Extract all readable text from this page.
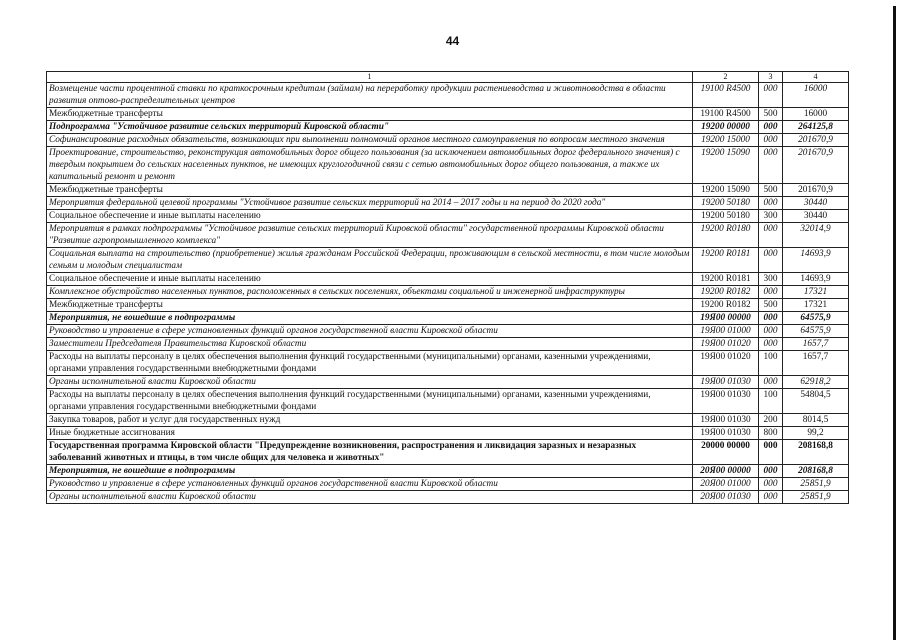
44
1	2	3	4
Возмещение части процентной ставки по краткосрочным кредитам (займам) на переработку продукции растениеводства и животноводства в области развития оптово-распределительных центров	19100 R4500	000	16000
Межбюджетные трансферты	19100 R4500	500	16000
Подпрограмма "Устойчивое развитие сельских территорий Кировской области"	19200 00000	000	264125,8
Софинансирование расходных обязательств, возникающих при выполнении полномочий органов местного самоуправления по вопросам местного значения	19200 15000	000	201670,9
Проектирование, строительство, реконструкция автомобильных дорог общего пользования (за исключением автомобильных дорог федерального значения) с твердым покрытием до сельских населенных пунктов, не имеющих круглогодичной связи с сетью автомобильных дорог общего пользования, а также их капитальный ремонт и ремонт	19200 15090	000	201670,9
Межбюджетные трансферты	19200 15090	500	201670,9
Мероприятия федеральной целевой программы "Устойчивое развитие сельских территорий на 2014 – 2017 годы и на период до 2020 года"	19200 50180	000	30440
Социальное обеспечение и иные выплаты населению	19200 50180	300	30440
Мероприятия в рамках подпрограммы "Устойчивое развитие сельских территорий Кировской области" государственной программы Кировской области "Развитие агропромышленного комплекса"	19200 R0180	000	32014,9
Социальная выплата на строительство (приобретение) жилья гражданам Российской Федерации, проживающим в сельской местности, в том числе молодым семьям и молодым специалистам	19200 R0181	000	14693,9
Социальное обеспечение и иные выплаты населению	19200 R0181	300	14693,9
Комплексное обустройство населенных пунктов, расположенных в сельских поселениях, объектами социальной и инженерной инфраструктуры	19200 R0182	000	17321
Межбюджетные трансферты	19200 R0182	500	17321
Мероприятия, не вошедшие в подпрограммы	19Я00 00000	000	64575,9
Руководство и управление в сфере установленных функций органов государственной власти Кировской области	19Я00 01000	000	64575,9
Заместители Председателя Правительства Кировской области	19Я00 01020	000	1657,7
Расходы на выплаты персоналу в целях обеспечения выполнения функций государственными (муниципальными) органами, казенными учреждениями, органами управления государственными внебюджетными фондами	19Я00 01020	100	1657,7
Органы исполнительной власти Кировской области	19Я00 01030	000	62918,2
Расходы на выплаты персоналу в целях обеспечения выполнения функций государственными (муниципальными) органами, казенными учреждениями, органами управления государственными внебюджетными фондами	19Я00 01030	100	54804,5
Закупка товаров, работ и услуг для государственных нужд	19Я00 01030	200	8014,5
Иные бюджетные ассигнования	19Я00 01030	800	99,2
Государственная программа Кировской области "Предупреждение возникновения, распространения и ликвидация заразных и незаразных заболеваний животных и птицы, в том числе общих для человека и животных"	20000 00000	000	208168,8
Мероприятия, не вошедшие в подпрограммы	20Я00 00000	000	208168,8
Руководство и управление в сфере установленных функций органов государственной власти Кировской области	20Я00 01000	000	25851,9
Органы исполнительной власти Кировской области	20Я00 01030	000	25851,9
